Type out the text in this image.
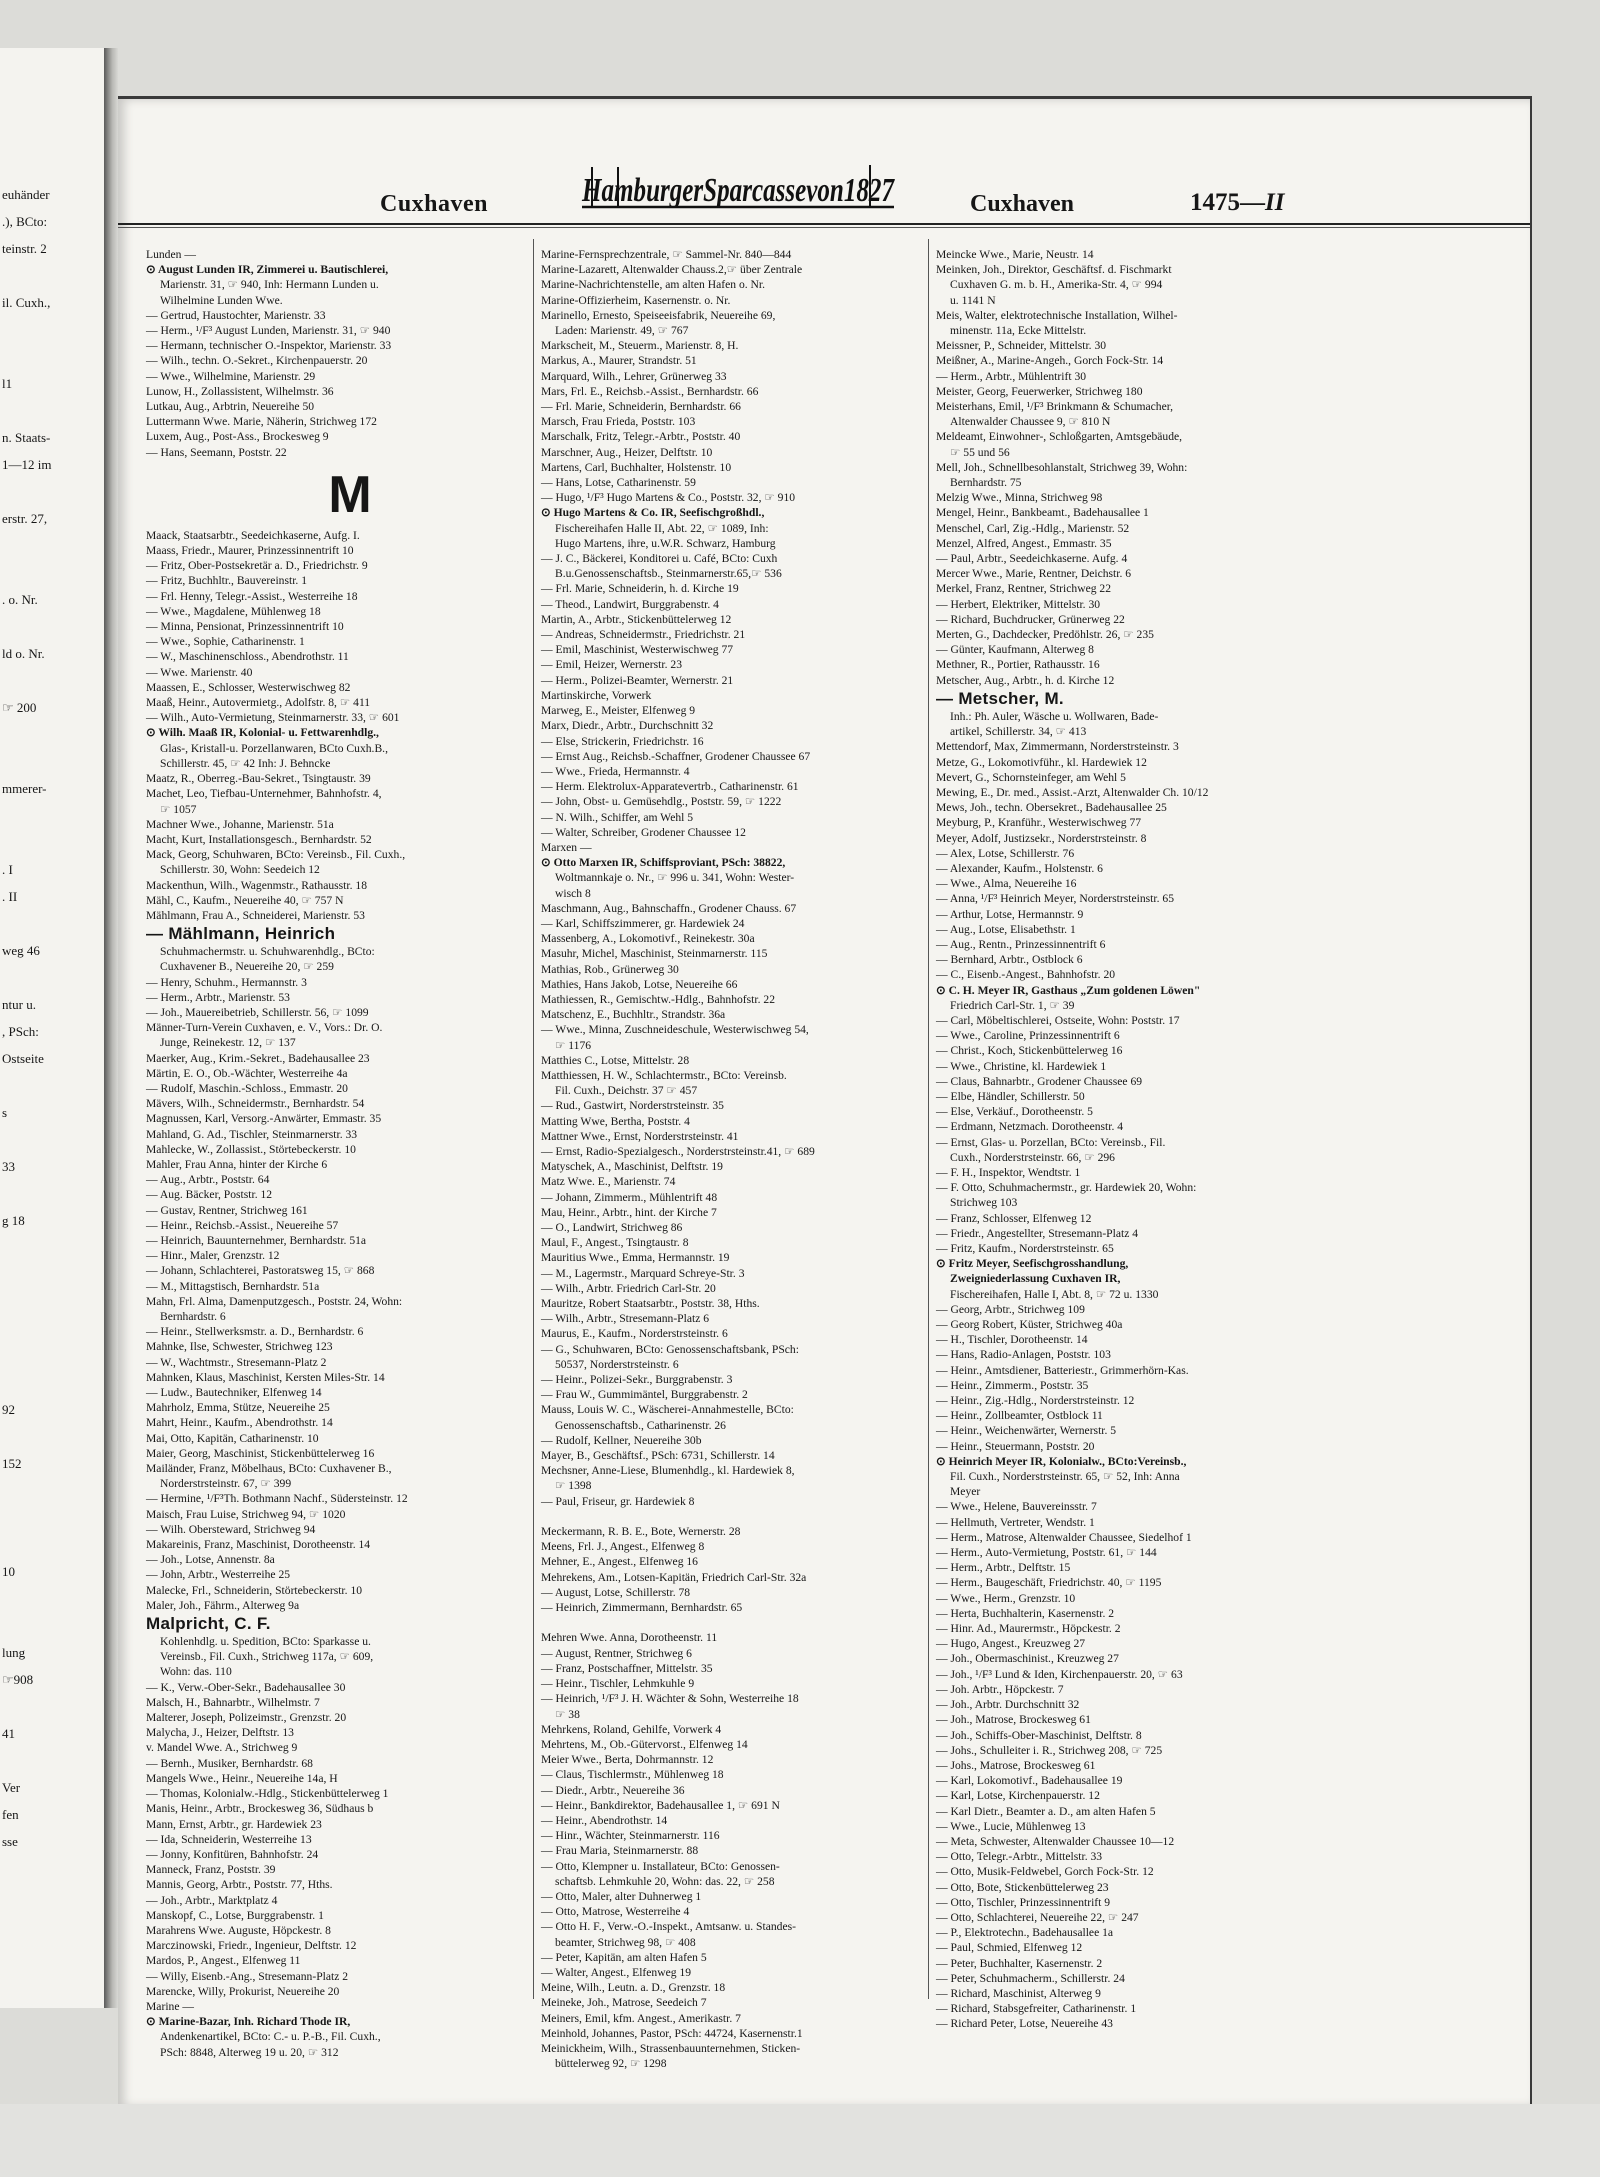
euhänder
.), BCto:
teinstr. 2
il. Cuxh.,
l1
n. Staats-
1—12 im
erstr. 27,
. o. Nr.
ld o. Nr.
☞ 200
mmerer-
. I
. II
weg 46
ntur u.
, PSch:
Ostseite
s
33
g 18
92
152
10
lung
☞908
41
Ver
fen
sse
Cuxhaven	HamburgerSparcassevon1827	Cuxhaven	1475—II
Lunden —
⊙ August Lunden IR, Zimmerei u. Bautischlerei,
Marienstr. 31, ☞ 940, Inh: Hermann Lunden u.
Wilhelmine Lunden Wwe.
— Gertrud, Haustochter, Marienstr. 33
— Herm., ¹/F³ August Lunden, Marienstr. 31, ☞ 940
— Hermann, technischer O.-Inspektor, Marienstr. 33
— Wilh., techn. O.-Sekret., Kirchenpauerstr. 20
— Wwe., Wilhelmine, Marienstr. 29
Lunow, H., Zollassistent, Wilhelmstr. 36
Lutkau, Aug., Arbtrin, Neuereihe 50
Luttermann Wwe. Marie, Näherin, Strichweg 172
Luxem, Aug., Post-Ass., Brockesweg 9
— Hans, Seemann, Poststr. 22
M
Maack, Staatsarbtr., Seedeichkaserne, Aufg. I.
Maass, Friedr., Maurer, Prinzessinnentrift 10
— Fritz, Ober-Postsekretär a. D., Friedrichstr. 9
— Fritz, Buchhltr., Bauvereinstr. 1
— Frl. Henny, Telegr.-Assist., Westerreihe 18
— Wwe., Magdalene, Mühlenweg 18
— Minna, Pensionat, Prinzessinnentrift 10
— Wwe., Sophie, Catharinenstr. 1
— W., Maschinenschloss., Abendrothstr. 11
— Wwe. Marienstr. 40
Maassen, E., Schlosser, Westerwischweg 82
Maaß, Heinr., Autovermietg., Adolfstr. 8, ☞ 411
— Wilh., Auto-Vermietung, Steinmarnerstr. 33, ☞ 601
⊙ Wilh. Maaß IR, Kolonial- u. Fettwarenhdlg.,
Glas-, Kristall-u. Porzellanwaren, BCto Cuxh.B.,
Schillerstr. 45, ☞ 42 Inh: J. Behncke
Maatz, R., Oberreg.-Bau-Sekret., Tsingtaustr. 39
Machet, Leo, Tiefbau-Unternehmer, Bahnhofstr. 4,
☞ 1057
Machner Wwe., Johanne, Marienstr. 51a
Macht, Kurt, Installationsgesch., Bernhardstr. 52
Mack, Georg, Schuhwaren, BCto: Vereinsb., Fil. Cuxh.,
Schillerstr. 30, Wohn: Seedeich 12
Mackenthun, Wilh., Wagenmstr., Rathausstr. 18
Mähl, C., Kaufm., Neuereihe 40, ☞ 757 N
Mählmann, Frau A., Schneiderei, Marienstr. 53
— Mählmann, Heinrich
Schuhmachermstr. u. Schuhwarenhdlg., BCto:
Cuxhavener B., Neuereihe 20, ☞ 259
— Henry, Schuhm., Hermannstr. 3
— Herm., Arbtr., Marienstr. 53
— Joh., Mauereibetrieb, Schillerstr. 56, ☞ 1099
Männer-Turn-Verein Cuxhaven, e. V., Vors.: Dr. O.
Junge, Reinekestr. 12, ☞ 137
Maerker, Aug., Krim.-Sekret., Badehausallee 23
Märtin, E. O., Ob.-Wächter, Westerreihe 4a
— Rudolf, Maschin.-Schloss., Emmastr. 20
Mävers, Wilh., Schneidermstr., Bernhardstr. 54
Magnussen, Karl, Versorg.-Anwärter, Emmastr. 35
Mahland, G. Ad., Tischler, Steinmarnerstr. 33
Mahlecke, W., Zollassist., Störtebeckerstr. 10
Mahler, Frau Anna, hinter der Kirche 6
— Aug., Arbtr., Poststr. 64
— Aug. Bäcker, Poststr. 12
— Gustav, Rentner, Strichweg 161
— Heinr., Reichsb.-Assist., Neuereihe 57
— Heinrich, Bauunternehmer, Bernhardstr. 51a
— Hinr., Maler, Grenzstr. 12
— Johann, Schlachterei, Pastoratsweg 15, ☞ 868
— M., Mittagstisch, Bernhardstr. 51a
Mahn, Frl. Alma, Damenputzgesch., Poststr. 24, Wohn:
Bernhardstr. 6
— Heinr., Stellwerksmstr. a. D., Bernhardstr. 6
Mahnke, Ilse, Schwester, Strichweg 123
— W., Wachtmstr., Stresemann-Platz 2
Mahnken, Klaus, Maschinist, Kersten Miles-Str. 14
— Ludw., Bautechniker, Elfenweg 14
Mahrholz, Emma, Stütze, Neuereihe 25
Mahrt, Heinr., Kaufm., Abendrothstr. 14
Mai, Otto, Kapitän, Catharinenstr. 10
Maier, Georg, Maschinist, Stickenbüttelerweg 16
Mailänder, Franz, Möbelhaus, BCto: Cuxhavener B.,
Norderstrsteinstr. 67, ☞ 399
— Hermine, ¹/F³Th. Bothmann Nachf., Südersteinstr. 12
Maisch, Frau Luise, Strichweg 94, ☞ 1020
— Wilh. Obersteward, Strichweg 94
Makareinis, Franz, Maschinist, Dorotheenstr. 14
— Joh., Lotse, Annenstr. 8a
— John, Arbtr., Westerreihe 25
Malecke, Frl., Schneiderin, Störtebeckerstr. 10
Maler, Joh., Fährm., Alterweg 9a
Malpricht, C. F.
Kohlenhdlg. u. Spedition, BCto: Sparkasse u.
Vereinsb., Fil. Cuxh., Strichweg 117a, ☞ 609,
Wohn: das. 110
— K., Verw.-Ober-Sekr., Badehausallee 30
Malsch, H., Bahnarbtr., Wilhelmstr. 7
Malterer, Joseph, Polizeimstr., Grenzstr. 20
Malycha, J., Heizer, Delftstr. 13
v. Mandel Wwe. A., Strichweg 9
— Bernh., Musiker, Bernhardstr. 68
Mangels Wwe., Heinr., Neuereihe 14a, H
— Thomas, Kolonialw.-Hdlg., Stickenbüttelerweg 1
Manis, Heinr., Arbtr., Brockesweg 36, Südhaus b
Mann, Ernst, Arbtr., gr. Hardewiek 23
— Ida, Schneiderin, Westerreihe 13
— Jonny, Konfitüren, Bahnhofstr. 24
Manneck, Franz, Poststr. 39
Mannis, Georg, Arbtr., Poststr. 77, Hths.
— Joh., Arbtr., Marktplatz 4
Manskopf, C., Lotse, Burggrabenstr. 1
Marahrens Wwe. Auguste, Höpckestr. 8
Marczinowski, Friedr., Ingenieur, Delftstr. 12
Mardos, P., Angest., Elfenweg 11
— Willy, Eisenb.-Ang., Stresemann-Platz 2
Marencke, Willy, Prokurist, Neuereihe 20
Marine —
⊙ Marine-Bazar, Inh. Richard Thode IR,
Andenkenartikel, BCto: C.- u. P.-B., Fil. Cuxh.,
PSch: 8848, Alterweg 19 u. 20, ☞ 312
Marine-Fernsprechzentrale, ☞ Sammel-Nr. 840—844
Marine-Lazarett, Altenwalder Chauss.2,☞ über Zentrale
Marine-Nachrichtenstelle, am alten Hafen o. Nr.
Marine-Offizierheim, Kasernenstr. o. Nr.
Marinello, Ernesto, Speiseeisfabrik, Neuereihe 69,
Laden: Marienstr. 49, ☞ 767
Markscheit, M., Steuerm., Marienstr. 8, H.
Markus, A., Maurer, Strandstr. 51
Marquard, Wilh., Lehrer, Grünerweg 33
Mars, Frl. E., Reichsb.-Assist., Bernhardstr. 66
— Frl. Marie, Schneiderin, Bernhardstr. 66
Marsch, Frau Frieda, Poststr. 103
Marschalk, Fritz, Telegr.-Arbtr., Poststr. 40
Marschner, Aug., Heizer, Delftstr. 10
Martens, Carl, Buchhalter, Holstenstr. 10
— Hans, Lotse, Catharinenstr. 59
— Hugo, ¹/F³ Hugo Martens & Co., Poststr. 32, ☞ 910
⊙ Hugo Martens & Co. IR, Seefischgroßhdl.,
Fischereihafen Halle II, Abt. 22, ☞ 1089, Inh:
Hugo Martens, ihre, u.W.R. Schwarz, Hamburg
— J. C., Bäckerei, Konditorei u. Café, BCto: Cuxh
B.u.Genossenschaftsb., Steinmarnerstr.65,☞ 536
— Frl. Marie, Schneiderin, h. d. Kirche 19
— Theod., Landwirt, Burggrabenstr. 4
Martin, A., Arbtr., Stickenbüttelerweg 12
— Andreas, Schneidermstr., Friedrichstr. 21
— Emil, Maschinist, Westerwischweg 77
— Emil, Heizer, Wernerstr. 23
— Herm., Polizei-Beamter, Wernerstr. 21
Martinskirche, Vorwerk
Marweg, E., Meister, Elfenweg 9
Marx, Diedr., Arbtr., Durchschnitt 32
— Else, Strickerin, Friedrichstr. 16
— Ernst Aug., Reichsb.-Schaffner, Grodener Chaussee 67
— Wwe., Frieda, Hermannstr. 4
— Herm. Elektrolux-Apparatevertrb., Catharinenstr. 61
— John, Obst- u. Gemüsehdlg., Poststr. 59, ☞ 1222
— N. Wilh., Schiffer, am Wehl 5
— Walter, Schreiber, Grodener Chaussee 12
Marxen —
⊙ Otto Marxen IR, Schiffsproviant, PSch: 38822,
Woltmannkaje o. Nr., ☞ 996 u. 341, Wohn: Wester-
wisch 8
Maschmann, Aug., Bahnschaffn., Grodener Chauss. 67
— Karl, Schiffszimmerer, gr. Hardewiek 24
Massenberg, A., Lokomotivf., Reinekestr. 30a
Masuhr, Michel, Maschinist, Steinmarnerstr. 115
Mathias, Rob., Grünerweg 30
Mathies, Hans Jakob, Lotse, Neuereihe 66
Mathiessen, R., Gemischtw.-Hdlg., Bahnhofstr. 22
Matschenz, E., Buchhltr., Strandstr. 36a
— Wwe., Minna, Zuschneideschule, Westerwischweg 54,
☞ 1176
Matthies C., Lotse, Mittelstr. 28
Matthiessen, H. W., Schlachtermstr., BCto: Vereinsb.
Fil. Cuxh., Deichstr. 37 ☞ 457
— Rud., Gastwirt, Norderstrsteinstr. 35
Matting Wwe, Bertha, Poststr. 4
Mattner Wwe., Ernst, Norderstrsteinstr. 41
— Ernst, Radio-Spezialgesch., Norderstrsteinstr.41, ☞ 689
Matyschek, A., Maschinist, Delftstr. 19
Matz Wwe. E., Marienstr. 74
— Johann, Zimmerm., Mühlentrift 48
Mau, Heinr., Arbtr., hint. der Kirche 7
— O., Landwirt, Strichweg 86
Maul, F., Angest., Tsingtaustr. 8
Mauritius Wwe., Emma, Hermannstr. 19
— M., Lagermstr., Marquard Schreye-Str. 3
— Wilh., Arbtr. Friedrich Carl-Str. 20
Mauritze, Robert Staatsarbtr., Poststr. 38, Hths.
— Wilh., Arbtr., Stresemann-Platz 6
Maurus, E., Kaufm., Norderstrsteinstr. 6
— G., Schuhwaren, BCto: Genossenschaftsbank, PSch:
50537, Norderstrsteinstr. 6
— Heinr., Polizei-Sekr., Burggrabenstr. 3
— Frau W., Gummimäntel, Burggrabenstr. 2
Mauss, Louis W. C., Wäscherei-Annahmestelle, BCto:
Genossenschaftsb., Catharinenstr. 26
— Rudolf, Kellner, Neuereihe 30b
Mayer, B., Geschäftsf., PSch: 6731, Schillerstr. 14
Mechsner, Anne-Liese, Blumenhdlg., kl. Hardewiek 8,
☞ 1398
— Paul, Friseur, gr. Hardewiek 8

Meckermann, R. B. E., Bote, Wernerstr. 28
Meens, Frl. J., Angest., Elfenweg 8
Mehner, E., Angest., Elfenweg 16
Mehrekens, Am., Lotsen-Kapitän, Friedrich Carl-Str. 32a
— August, Lotse, Schillerstr. 78
— Heinrich, Zimmermann, Bernhardstr. 65

Mehren Wwe. Anna, Dorotheenstr. 11
— August, Rentner, Strichweg 6
— Franz, Postschaffner, Mittelstr. 35
— Heinr., Tischler, Lehmkuhle 9
— Heinrich, ¹/F³ J. H. Wächter & Sohn, Westerreihe 18
☞ 38
Mehrkens, Roland, Gehilfe, Vorwerk 4
Mehrtens, M., Ob.-Gütervorst., Elfenweg 14
Meier Wwe., Berta, Dohrmannstr. 12
— Claus, Tischlermstr., Mühlenweg 18
— Diedr., Arbtr., Neuereihe 36
— Heinr., Bankdirektor, Badehausallee 1, ☞ 691 N
— Heinr., Abendrothstr. 14
— Hinr., Wächter, Steinmarnerstr. 116
— Frau Maria, Steinmarnerstr. 88
— Otto, Klempner u. Installateur, BCto: Genossen-
schaftsb. Lehmkuhle 20, Wohn: das. 22, ☞ 258
— Otto, Maler, alter Duhnerweg 1
— Otto, Matrose, Westerreihe 4
— Otto H. F., Verw.-O.-Inspekt., Amtsanw. u. Standes-
beamter, Strichweg 98, ☞ 408
— Peter, Kapitän, am alten Hafen 5
— Walter, Angest., Elfenweg 19
Meine, Wilh., Leutn. a. D., Grenzstr. 18
Meineke, Joh., Matrose, Seedeich 7
Meiners, Emil, kfm. Angest., Amerikastr. 7
Meinhold, Johannes, Pastor, PSch: 44724, Kasernenstr.1
Meinickheim, Wilh., Strassenbauunternehmen, Sticken-
büttelerweg 92, ☞ 1298
Meincke Wwe., Marie, Neustr. 14
Meinken, Joh., Direktor, Geschäftsf. d. Fischmarkt
Cuxhaven G. m. b. H., Amerika-Str. 4, ☞ 994
u. 1141 N
Meis, Walter, elektrotechnische Installation, Wilhel-
minenstr. 11a, Ecke Mittelstr.
Meissner, P., Schneider, Mittelstr. 30
Meißner, A., Marine-Angeh., Gorch Fock-Str. 14
— Herm., Arbtr., Mühlentrift 30
Meister, Georg, Feuerwerker, Strichweg 180
Meisterhans, Emil, ¹/F³ Brinkmann & Schumacher,
Altenwalder Chaussee 9, ☞ 810 N
Meldeamt, Einwohner-, Schloßgarten, Amtsgebäude,
☞ 55 und 56
Mell, Joh., Schnellbesohlanstalt, Strichweg 39, Wohn:
Bernhardstr. 75
Melzig Wwe., Minna, Strichweg 98
Mengel, Heinr., Bankbeamt., Badehausallee 1
Menschel, Carl, Zig.-Hdlg., Marienstr. 52
Menzel, Alfred, Angest., Emmastr. 35
— Paul, Arbtr., Seedeichkaserne. Aufg. 4
Mercer Wwe., Marie, Rentner, Deichstr. 6
Merkel, Franz, Rentner, Strichweg 22
— Herbert, Elektriker, Mittelstr. 30
— Richard, Buchdrucker, Grünerweg 22
Merten, G., Dachdecker, Predöhlstr. 26, ☞ 235
— Günter, Kaufmann, Alterweg 8
Methner, R., Portier, Rathausstr. 16
Metscher, Aug., Arbtr., h. d. Kirche 12
— Metscher, M.
Inh.: Ph. Auler, Wäsche u. Wollwaren, Bade-
artikel, Schillerstr. 34, ☞ 413
Mettendorf, Max, Zimmermann, Norderstrsteinstr. 3
Metze, G., Lokomotivführ., kl. Hardewiek 12
Mevert, G., Schornsteinfeger, am Wehl 5
Mewing, E., Dr. med., Assist.-Arzt, Altenwalder Ch. 10/12
Mews, Joh., techn. Obersekret., Badehausallee 25
Meyburg, P., Kranführ., Westerwischweg 77
Meyer, Adolf, Justizsekr., Norderstrsteinstr. 8
— Alex, Lotse, Schillerstr. 76
— Alexander, Kaufm., Holstenstr. 6
— Wwe., Alma, Neuereihe 16
— Anna, ¹/F³ Heinrich Meyer, Norderstrsteinstr. 65
— Arthur, Lotse, Hermannstr. 9
— Aug., Lotse, Elisabethstr. 1
— Aug., Rentn., Prinzessinnentrift 6
— Bernhard, Arbtr., Ostblock 6
— C., Eisenb.-Angest., Bahnhofstr. 20
⊙ C. H. Meyer IR, Gasthaus „Zum goldenen Löwen"
Friedrich Carl-Str. 1, ☞ 39
— Carl, Möbeltischlerei, Ostseite, Wohn: Poststr. 17
— Wwe., Caroline, Prinzessinnentrift 6
— Christ., Koch, Stickenbüttelerweg 16
— Wwe., Christine, kl. Hardewiek 1
— Claus, Bahnarbtr., Grodener Chaussee 69
— Elbe, Händler, Schillerstr. 50
— Else, Verkäuf., Dorotheenstr. 5
— Erdmann, Netzmach. Dorotheenstr. 4
— Ernst, Glas- u. Porzellan, BCto: Vereinsb., Fil.
Cuxh., Norderstrsteinstr. 66, ☞ 296
— F. H., Inspektor, Wendtstr. 1
— F. Otto, Schuhmachermstr., gr. Hardewiek 20, Wohn:
Strichweg 103
— Franz, Schlosser, Elfenweg 12
— Friedr., Angestellter, Stresemann-Platz 4
— Fritz, Kaufm., Norderstrsteinstr. 65
⊙ Fritz Meyer, Seefischgrosshandlung,
Zweigniederlassung Cuxhaven IR,
Fischereihafen, Halle I, Abt. 8, ☞ 72 u. 1330
— Georg, Arbtr., Strichweg 109
— Georg Robert, Küster, Strichweg 40a
— H., Tischler, Dorotheenstr. 14
— Hans, Radio-Anlagen, Poststr. 103
— Heinr., Amtsdiener, Batteriestr., Grimmerhörn-Kas.
— Heinr., Zimmerm., Poststr. 35
— Heinr., Zig.-Hdlg., Norderstrsteinstr. 12
— Heinr., Zollbeamter, Ostblock 11
— Heinr., Weichenwärter, Wernerstr. 5
— Heinr., Steuermann, Poststr. 20
⊙ Heinrich Meyer IR, Kolonialw., BCto:Vereinsb.,
Fil. Cuxh., Norderstrsteinstr. 65, ☞ 52, Inh: Anna
Meyer
— Wwe., Helene, Bauvereinsstr. 7
— Hellmuth, Vertreter, Wendstr. 1
— Herm., Matrose, Altenwalder Chaussee, Siedelhof 1
— Herm., Auto-Vermietung, Poststr. 61, ☞ 144
— Herm., Arbtr., Delftstr. 15
— Herm., Baugeschäft, Friedrichstr. 40, ☞ 1195
— Wwe., Herm., Grenzstr. 10
— Herta, Buchhalterin, Kasernenstr. 2
— Hinr. Ad., Maurermstr., Höpckestr. 2
— Hugo, Angest., Kreuzweg 27
— Joh., Obermaschinist., Kreuzweg 27
— Joh., ¹/F³ Lund & Iden, Kirchenpauerstr. 20, ☞ 63
— Joh. Arbtr., Höpckestr. 7
— Joh., Arbtr. Durchschnitt 32
— Joh., Matrose, Brockesweg 61
— Joh., Schiffs-Ober-Maschinist, Delftstr. 8
— Johs., Schulleiter i. R., Strichweg 208, ☞ 725
— Johs., Matrose, Brockesweg 61
— Karl, Lokomotivf., Badehausallee 19
— Karl, Lotse, Kirchenpauerstr. 12
— Karl Dietr., Beamter a. D., am alten Hafen 5
— Wwe., Lucie, Mühlenweg 13
— Meta, Schwester, Altenwalder Chaussee 10—12
— Otto, Telegr.-Arbtr., Mittelstr. 33
— Otto, Musik-Feldwebel, Gorch Fock-Str. 12
— Otto, Bote, Stickenbüttelerweg 23
— Otto, Tischler, Prinzessinnentrift 9
— Otto, Schlachterei, Neuereihe 22, ☞ 247
— P., Elektrotechn., Badehausallee 1a
— Paul, Schmied, Elfenweg 12
— Peter, Buchhalter, Kasernenstr. 2
— Peter, Schuhmacherm., Schillerstr. 24
— Richard, Maschinist, Alterweg 9
— Richard, Stabsgefreiter, Catharinenstr. 1
— Richard Peter, Lotse, Neuereihe 43
